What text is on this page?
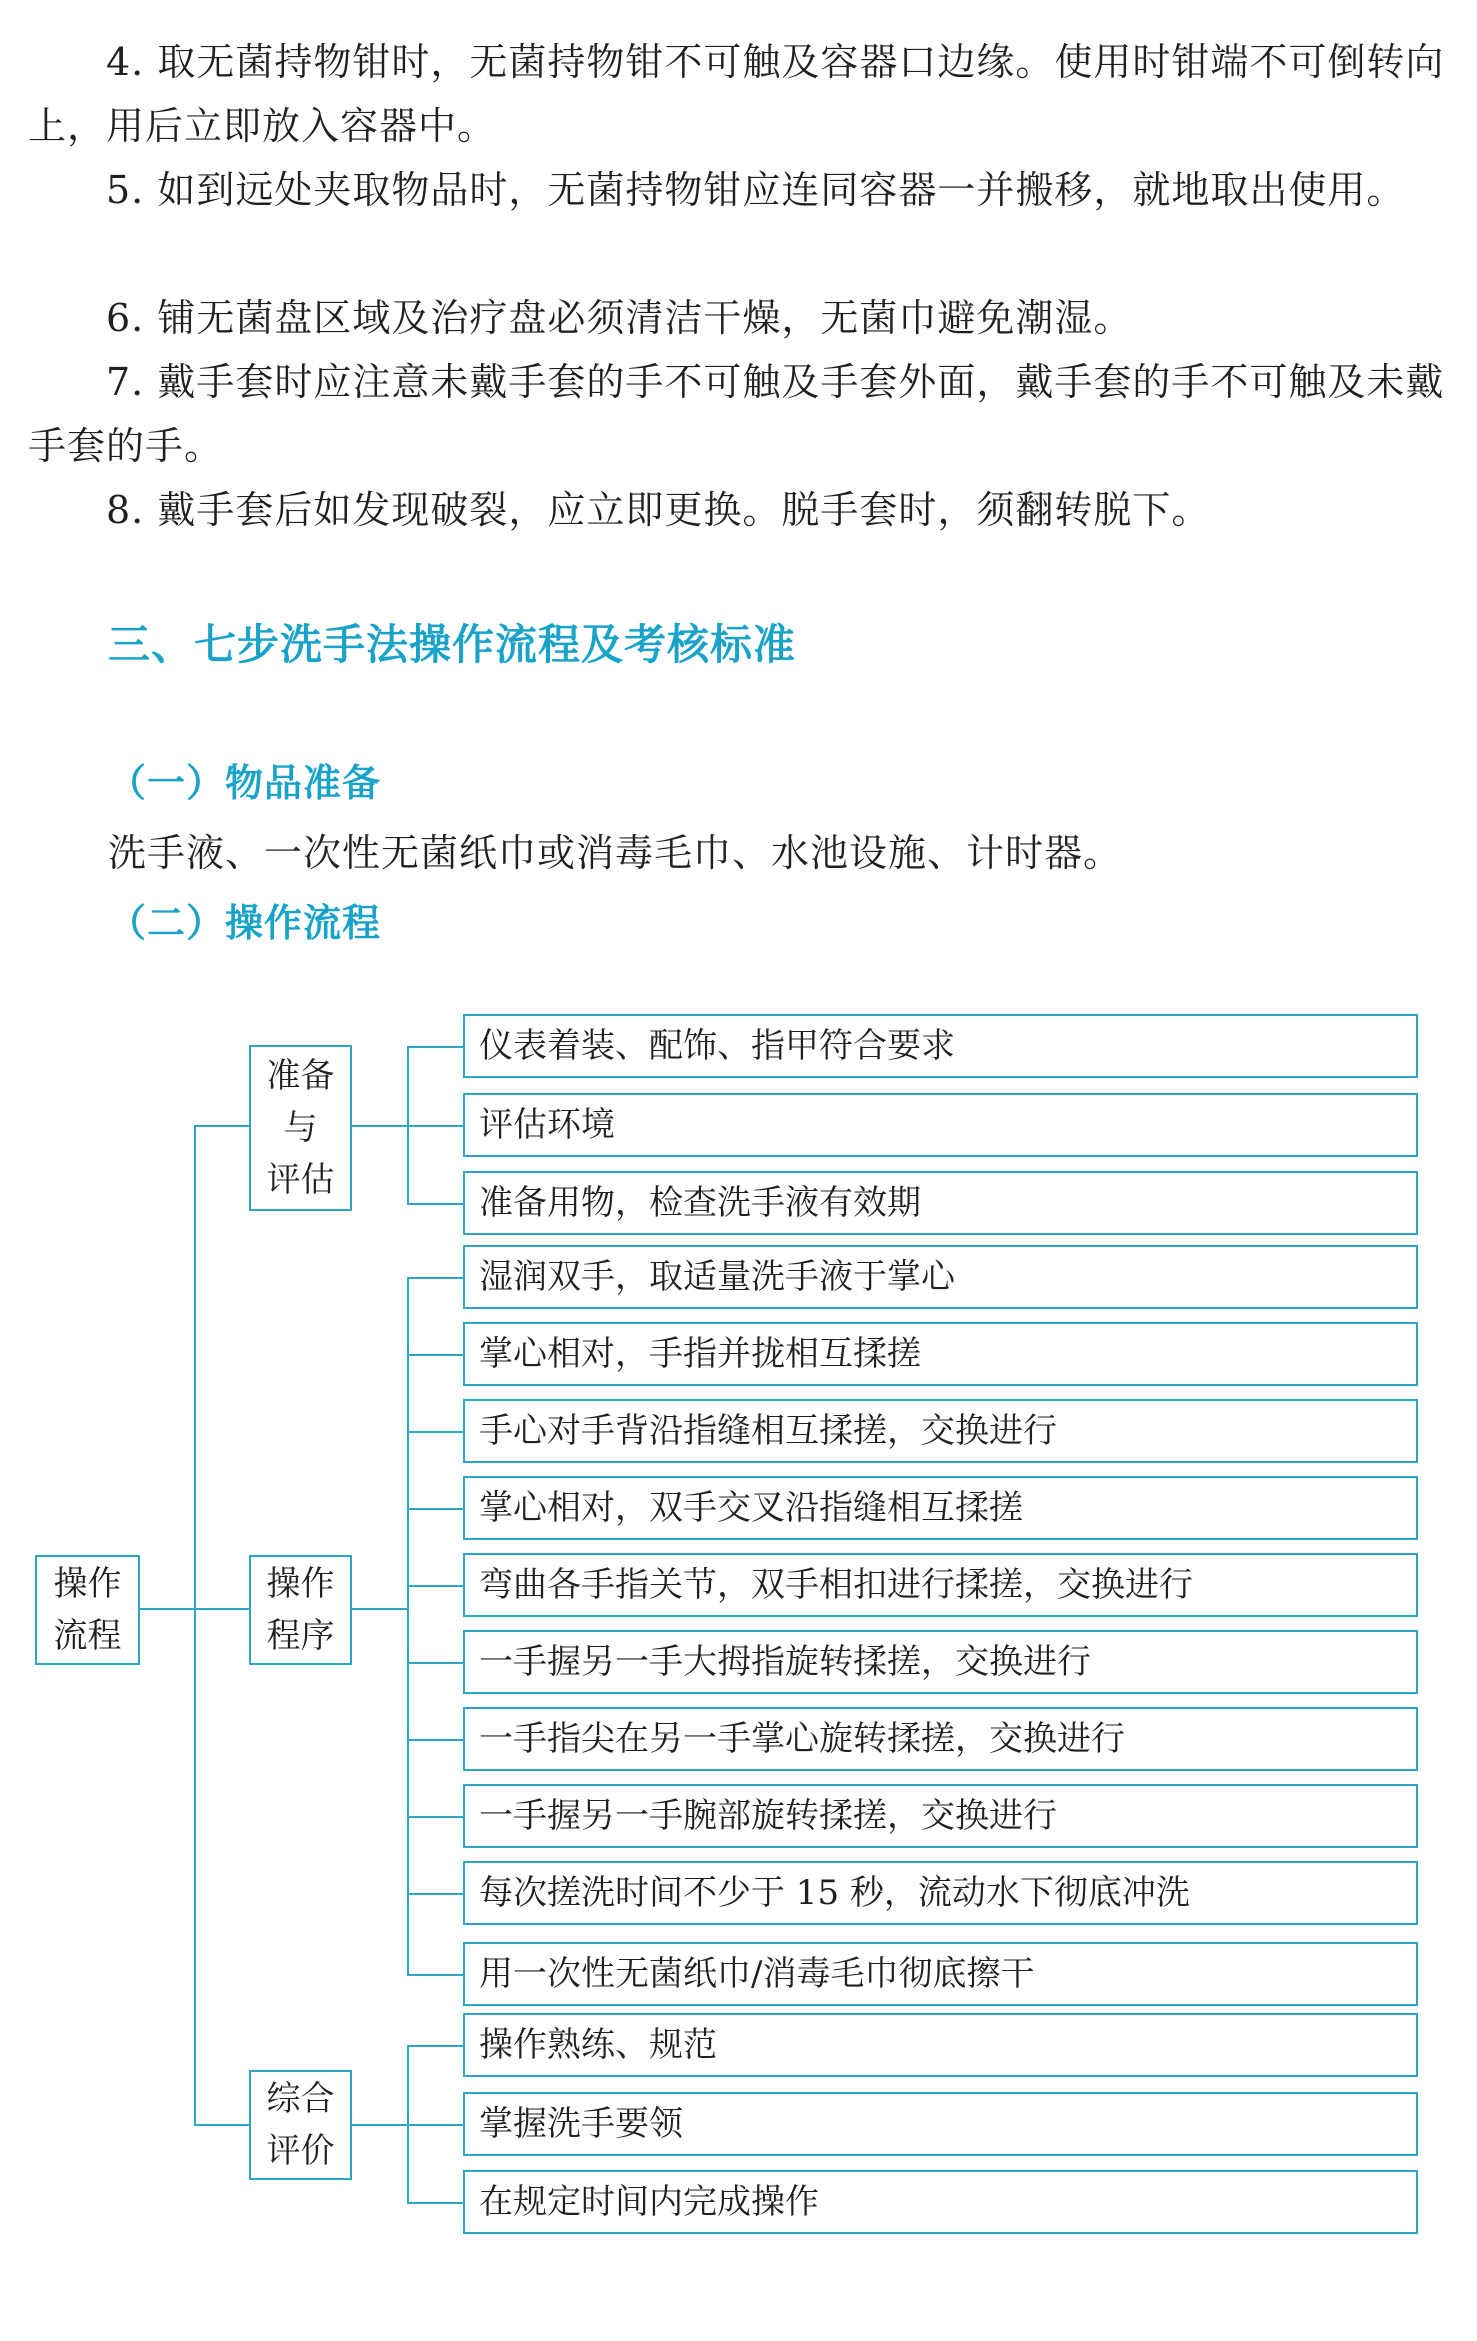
4. 取无菌持物钳时，无菌持物钳不可触及容器口边缘。使用时钳端不可倒转向上，用后立即放入容器中。

5. 如到远处夹取物品时，无菌持物钳应连同容器一并搬移，就地取出使用。

6. 铺无菌盘区域及治疗盘必须清洁干燥，无菌巾避免潮湿。

7. 戴手套时应注意未戴手套的手不可触及手套外面，戴手套的手不可触及未戴手套的手。

8. 戴手套后如发现破裂，应立即更换。脱手套时，须翻转脱下。

三、七步洗手法操作流程及考核标准
（一）物品准备

洗手液、一次性无菌纸巾或消毒毛巾、水池设施、计时器。

（二）操作流程
操作
流程
准备
与
评估
操作
程序
综合
评价
仪表着装、配饰、指甲符合要求
评估环境
准备用物，检查洗手液有效期
湿润双手，取适量洗手液于掌心
掌心相对，手指并拢相互揉搓
手心对手背沿指缝相互揉搓，交换进行
掌心相对，双手交叉沿指缝相互揉搓
弯曲各手指关节，双手相扣进行揉搓，交换进行
一手握另一手大拇指旋转揉搓，交换进行
一手指尖在另一手掌心旋转揉搓，交换进行
一手握另一手腕部旋转揉搓，交换进行
每次搓洗时间不少于 15 秒，流动水下彻底冲洗
用一次性无菌纸巾/消毒毛巾彻底擦干
操作熟练、规范
掌握洗手要领
在规定时间内完成操作
